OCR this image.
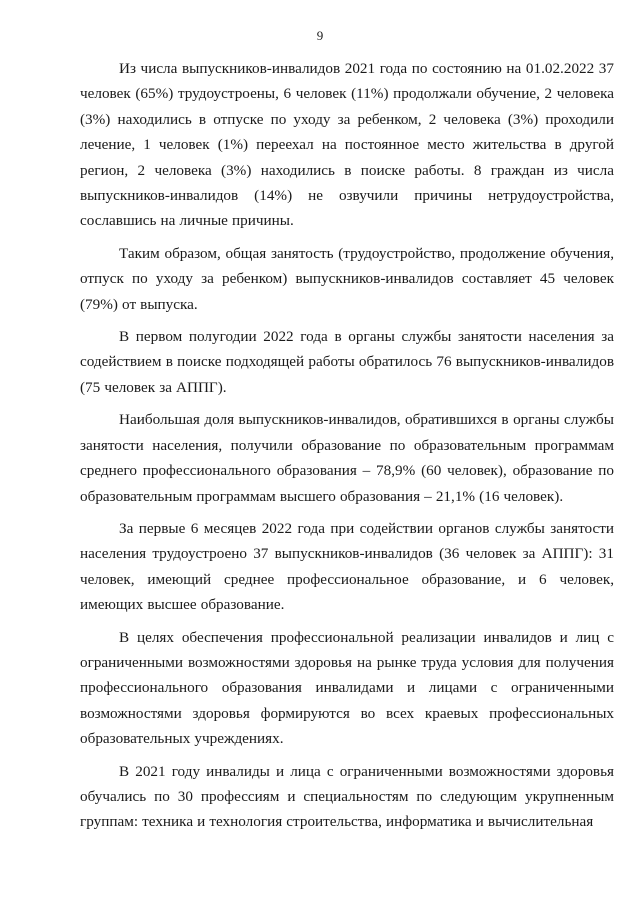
9

Из числа выпускников-инвалидов 2021 года по состоянию на 01.02.2022 37 человек (65%) трудоустроены, 6 человек (11%) продолжали обучение, 2 человека (3%) находились в отпуске по уходу за ребенком, 2 человека (3%) проходили лечение, 1 человек (1%) переехал на постоянное место жительства в другой регион, 2 человека (3%) находились в поиске работы. 8 граждан из числа выпускников-инвалидов (14%) не озвучили причины нетрудоустройства, сославшись на личные причины.

Таким образом, общая занятость (трудоустройство, продолжение обучения, отпуск по уходу за ребенком) выпускников-инвалидов составляет 45 человек (79%) от выпуска.

В первом полугодии 2022 года в органы службы занятости населения за содействием в поиске подходящей работы обратилось 76 выпускников-инвалидов (75 человек за АППГ).

Наибольшая доля выпускников-инвалидов, обратившихся в органы службы занятости населения, получили образование по образовательным программам среднего профессионального образования – 78,9% (60 человек), образование по образовательным программам высшего образования – 21,1% (16 человек).

За первые 6 месяцев 2022 года при содействии органов службы занятости населения трудоустроено 37 выпускников-инвалидов (36 человек за АППГ): 31 человек, имеющий среднее профессиональное образование, и 6 человек, имеющих высшее образование.

В целях обеспечения профессиональной реализации инвалидов и лиц с ограниченными возможностями здоровья на рынке труда условия для получения профессионального образования инвалидами и лицами с ограниченными возможностями здоровья формируются во всех краевых профессиональных образовательных учреждениях.

В 2021 году инвалиды и лица с ограниченными возможностями здоровья обучались по 30 профессиям и специальностям по следующим укрупненным группам: техника и технология строительства, информатика и вычислительная
